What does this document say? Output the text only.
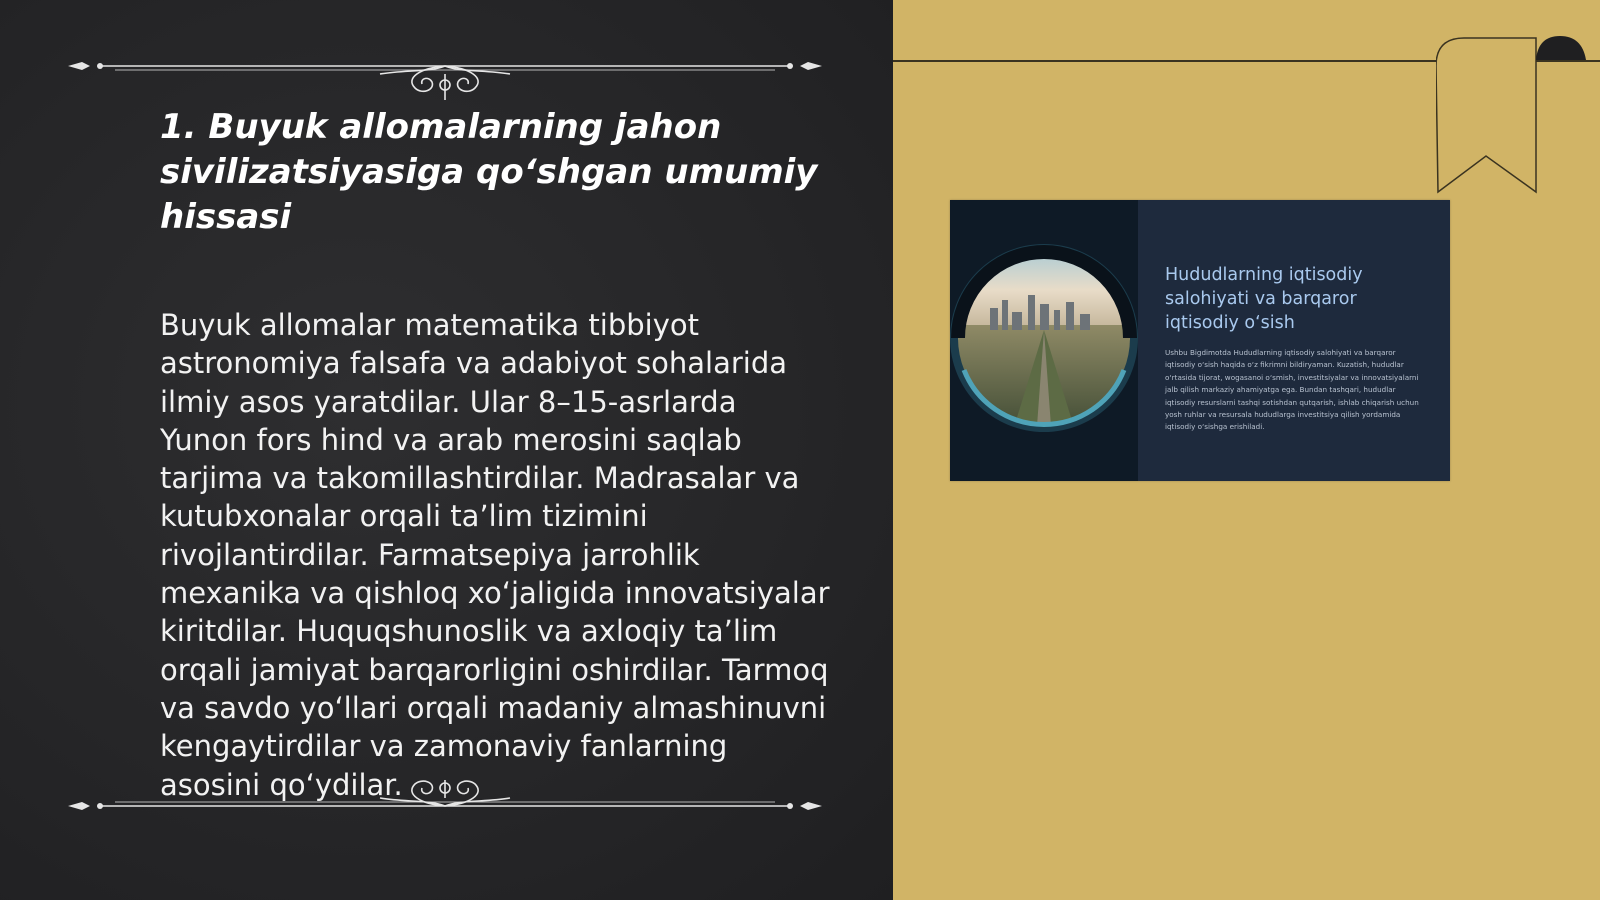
1. Buyuk allomalarning jahon sivilizatsiyasiga qo‘shgan umumiy hissasi

Buyuk allomalar matematika tibbiyot astronomiya falsafa va adabiyot sohalarida ilmiy asos yaratdilar. Ular 8–15-asrlarda Yunon fors hind va arab merosini saqlab tarjima va takomillashtirdilar. Madrasalar va kutubxonalar orqali ta’lim tizimini rivojlantirdilar. Farmatsepiya jarrohlik mexanika va qishloq xo‘jaligida innovatsiyalar kiritdilar. Huquqshunoslik va axloqiy ta’lim orqali jamiyat barqarorligini oshirdilar. Tarmoq va savdo yo‘llari orqali madaniy almashinuvni kengaytirdilar va zamonaviy fanlarning asosini qo‘ydilar.

Hududlarning iqtisodiy salohiyati va barqaror iqtisodiy o‘sish

Ushbu Bigdimotda Hududlarning iqtisodiy salohiyati va barqaror iqtisodiy o‘sish haqida o‘z fikrimni bildiryaman. Kuzatish, hududlar o‘rtasida tijorat, wogasanoi o‘smish, investitsiyalar va innovatsiyalarni jalb qilish markaziy ahamiyatga ega. Bundan tashqari, hududlar iqtisodiy resurslarni tashqi sotishdan qutqarish, ishlab chiqarish uchun yosh ruhlar va resursala hududlarga investitsiya qilish yordamida iqtisodiy o‘sishga erishiladi.
